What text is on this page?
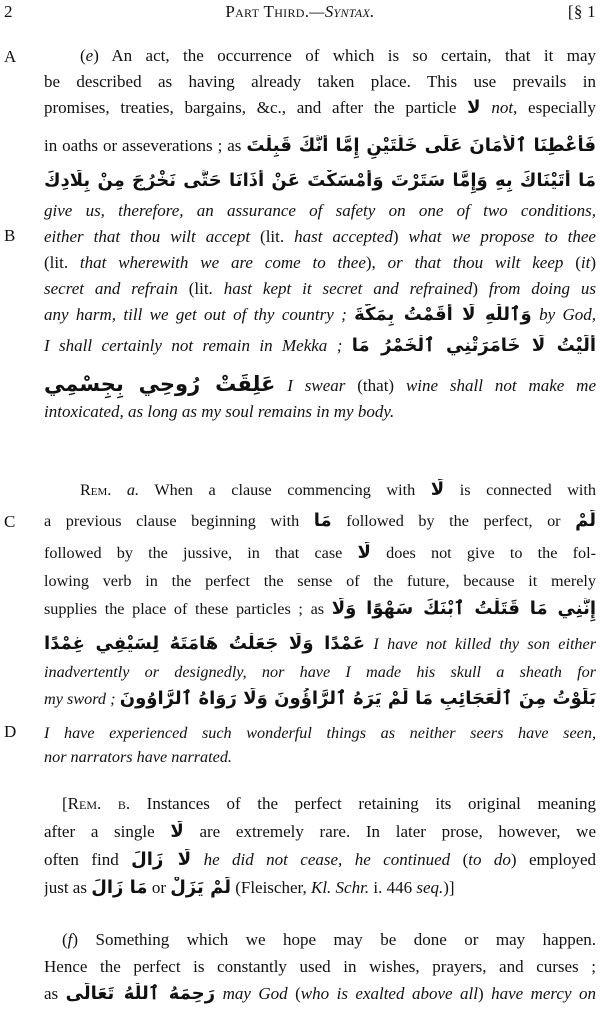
2	Part Third.—Syntax.	[§ 1
A
B
C
D
(e) An act, the occurrence of which is so certain, that it may
be described as having already taken place. This use prevails in
promises, treaties, bargains, &c., and after the particle لا not, especially
in oaths or asseverations ; as فَأَعْطِنَا ٱلْأَمَانَ عَلَى خَلَّتَيْنِ إِمَّا أَنَّكَ قَبِلْتَ
مَا أَتَيْنَاكَ بِهِ وَإِمَّا سَتَرْتَ وَأَمْسَكْتَ عَنْ أَذَانَا حَتَّى نَخْرُجَ مِنْ بِلَادِكَ
give us, therefore, an assurance of safety on one of two conditions,
either that thou wilt accept (lit. hast accepted) what we propose to thee
(lit. that wherewith we are come to thee), or that thou wilt keep (it)
secret and refrain (lit. hast kept it secret and refrained) from doing us
any harm, till we get out of thy country ; وَٱللّٰهِ لَا أَقَمْتُ بِمَكَّةَ by God,
I shall certainly not remain in Mekka ; أَلَيْتُ لَا خَامَرَتْنِي ٱلْخَمْرُ مَا
عَلِقَتْ رُوحِي بِجِسْمِي I swear (that) wine shall not make me
intoxicated, as long as my soul remains in my body.
Rem. a. When a clause commencing with لَا is connected with
a previous clause beginning with مَا followed by the perfect, or لَمْ
followed by the jussive, in that case لَا does not give to the fol-
lowing verb in the perfect the sense of the future, because it merely
supplies the place of these particles ; as إِنَّنِي مَا قَتَلْتُ ٱبْنَكَ سَهْوًا وَلَا
عَمْدًا وَلَا جَعَلْتُ هَامَتَهُ لِسَيْفِي غِمْدًا I have not killed thy son either
inadvertently or designedly, nor have I made his skull a sheath for
my sword ; بَلَوْتُ مِنَ ٱلْعَجَائِبِ مَا لَمْ يَرَهُ ٱلرَّاؤُونَ وَلَا رَوَاهُ ٱلرَّاوُونَ
I have experienced such wonderful things as neither seers have seen,
nor narrators have narrated.
[Rem. b. Instances of the perfect retaining its original meaning
after a single لَا are extremely rare. In later prose, however, we
often find لَا زَالَ he did not cease, he continued (to do) employed
just as مَا زَالَ or لَمْ يَزَلْ (Fleischer, Kl. Schr. i. 446 seq.)]
(f) Something which we hope may be done or may happen.
Hence the perfect is constantly used in wishes, prayers, and curses ;
as رَحِمَهُ ٱللّٰهُ تَعَالَى may God (who is exalted above all) have mercy on
